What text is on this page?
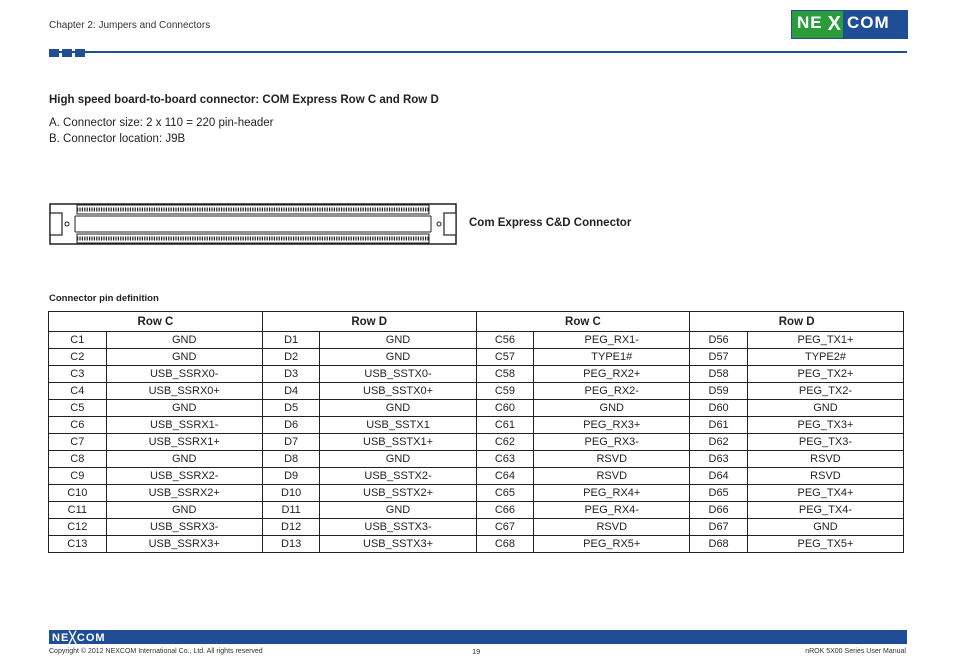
Chapter 2: Jumpers and Connectors	NE X COM
High speed board-to-board connector: COM Express Row C and Row D
A. Connector size: 2 x 110 = 220 pin-header
B. Connector location: J9B
Com Express C&D Connector
Connector pin definition
Row C		Row D		Row C		Row D	
C1	GND	D1	GND	C56	PEG_RX1-	D56	PEG_TX1+
C2	GND	D2	GND	C57	TYPE1#	D57	TYPE2#
C3	USB_SSRX0-	D3	USB_SSTX0-	C58	PEG_RX2+	D58	PEG_TX2+
C4	USB_SSRX0+	D4	USB_SSTX0+	C59	PEG_RX2-	D59	PEG_TX2-
C5	GND	D5	GND	C60	GND	D60	GND
C6	USB_SSRX1-	D6	USB_SSTX1	C61	PEG_RX3+	D61	PEG_TX3+
C7	USB_SSRX1+	D7	USB_SSTX1+	C62	PEG_RX3-	D62	PEG_TX3-
C8	GND	D8	GND	C63	RSVD	D63	RSVD
C9	USB_SSRX2-	D9	USB_SSTX2-	C64	RSVD	D64	RSVD
C10	USB_SSRX2+	D10	USB_SSTX2+	C65	PEG_RX4+	D65	PEG_TX4+
C11	GND	D11	GND	C66	PEG_RX4-	D66	PEG_TX4-
C12	USB_SSRX3-	D12	USB_SSTX3-	C67	RSVD	D67	GND
C13	USB_SSRX3+	D13	USB_SSTX3+	C68	PEG_RX5+	D68	PEG_TX5+
NE╳COM
Copyright © 2012 NEXCOM International Co., Ltd. All rights reserved	19	nROK 5X00 Series User Manual
